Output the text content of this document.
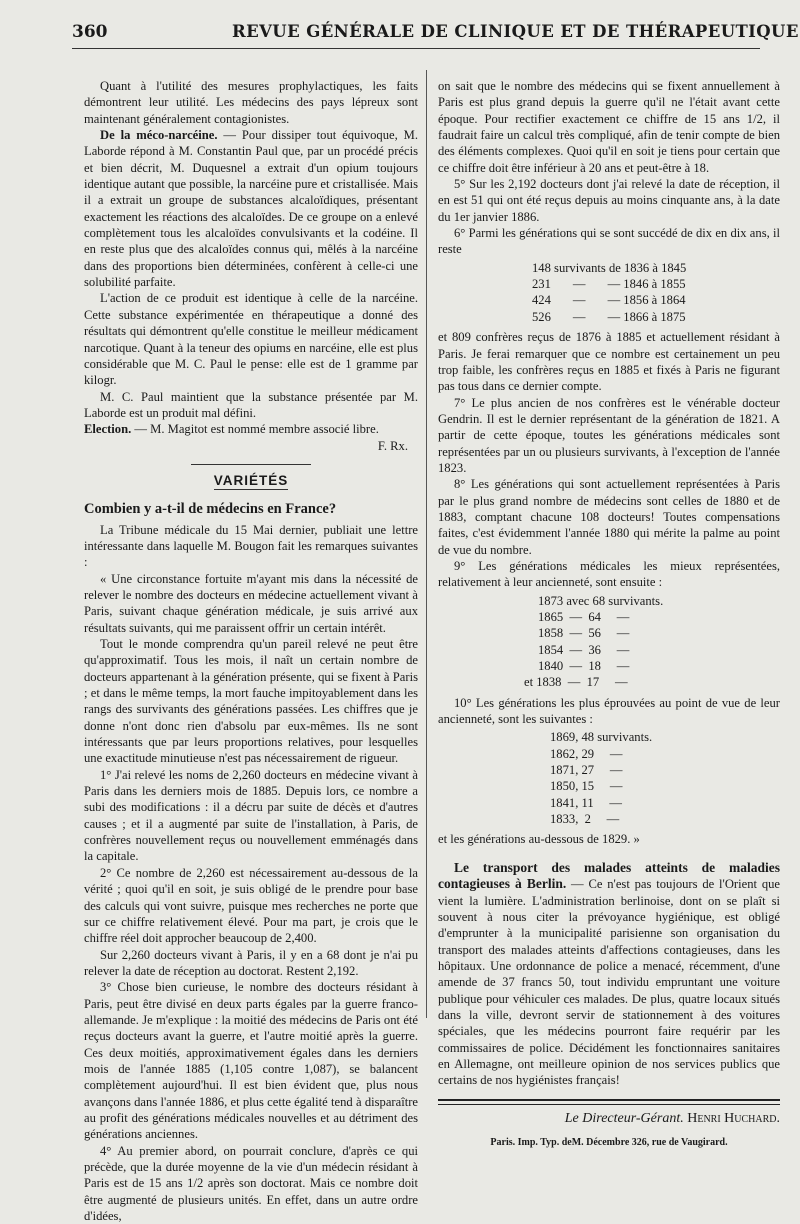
360	REVUE GÉNÉRALE DE CLINIQUE ET DE THÉRAPEUTIQUE

Quant à l'utilité des mesures prophylactiques, les faits démontrent leur utilité. Les médecins des pays lépreux sont maintenant généralement contagionistes.

De la méco-narcéine. — Pour dissiper tout équivoque, M. Laborde répond à M. Constantin Paul que, par un procédé précis et bien décrit, M. Duquesnel a extrait d'un opium toujours identique autant que possible, la narcéine pure et cristallisée. Mais il a extrait un groupe de substances alcaloïdiques, présentant exactement les réactions des alcaloïdes. De ce groupe on a enlevé complètement tous les alcaloïdes convulsivants et la codéine. Il en reste plus que des alcaloïdes connus qui, mêlés à la narcéine dans des proportions bien déterminées, confèrent à celle-ci une solubilité parfaite.

L'action de ce produit est identique à celle de la narcéine. Cette substance expérimentée en thérapeutique a donné des résultats qui démontrent qu'elle constitue le meilleur médicament narcotique. Quant à la teneur des opiums en narcéine, elle est plus considérable que M. C. Paul le pense: elle est de 1 gramme par kilogr.

M. C. Paul maintient que la substance présentée par M. Laborde est un produit mal défini.

Election. — M. Magitot est nommé membre associé libre.

F. Rx.

VARIÉTÉS
Combien y a-t-il de médecins en France?

La Tribune médicale du 15 Mai dernier, publiait une lettre intéressante dans laquelle M. Bougon fait les remarques suivantes :

« Une circonstance fortuite m'ayant mis dans la nécessité de relever le nombre des docteurs en médecine actuellement vivant à Paris, suivant chaque génération médicale, je suis arrivé aux résultats suivants, qui me paraissent offrir un certain intérêt.

Tout le monde comprendra qu'un pareil relevé ne peut être qu'approximatif. Tous les mois, il naît un certain nombre de docteurs appartenant à la génération présente, qui se fixent à Paris ; et dans le même temps, la mort fauche impitoyablement dans les rangs des survivants des générations passées. Les chiffres que je donne n'ont donc rien d'absolu par eux-mêmes. Ils ne sont intéressants que par leurs proportions relatives, pour lesquelles une exactitude minutieuse n'est pas nécessairement de rigueur.

1° J'ai relevé les noms de 2,260 docteurs en médecine vivant à Paris dans les derniers mois de 1885. Depuis lors, ce nombre a subi des modifications : il a décru par suite de décès et d'autres causes ; et il a augmenté par suite de l'installation, à Paris, de confrères nouvellement reçus ou nouvellement emménagés dans la capitale.

2° Ce nombre de 2,260 est nécessairement au-dessous de la vérité ; quoi qu'il en soit, je suis obligé de le prendre pour base des calculs qui vont suivre, puisque mes recherches ne porte que sur ce chiffre relativement élevé. Pour ma part, je crois que le chiffre réel doit approcher beaucoup de 2,400.

Sur 2,260 docteurs vivant à Paris, il y en a 68 dont je n'ai pu relever la date de réception au doctorat. Restent 2,192.

3° Chose bien curieuse, le nombre des docteurs résidant à Paris, peut être divisé en deux parts égales par la guerre franco-allemande. Je m'explique : la moitié des médecins de Paris ont été reçus docteurs avant la guerre, et l'autre moitié après la guerre. Ces deux moitiés, approximativement égales dans les derniers mois de l'année 1885 (1,105 contre 1,087), se balancent complètement aujourd'hui. Il est bien évident que, plus nous avançons dans l'année 1886, et plus cette égalité tend à disparaître au profit des générations médicales nouvelles et au détriment des générations anciennes.

4° Au premier abord, on pourrait conclure, d'après ce qui précède, que la durée moyenne de la vie d'un médecin résidant à Paris est de 15 ans 1/2 après son doctorat. Mais ce nombre doit être augmenté de plusieurs unités. En effet, dans un autre ordre d'idées,

on sait que le nombre des médecins qui se fixent annuellement à Paris est plus grand depuis la guerre qu'il ne l'était avant cette époque. Pour rectifier exactement ce chiffre de 15 ans 1/2, il faudrait faire un calcul très compliqué, afin de tenir compte de bien des éléments complexes. Quoi qu'il en soit je tiens pour certain que ce chiffre doit être inférieur à 20 ans et peut-être à 18.

5° Sur les 2,192 docteurs dont j'ai relevé la date de réception, il en est 51 qui ont été reçus depuis au moins cinquante ans, à la date du 1er janvier 1886.

6° Parmi les générations qui se sont succédé de dix en dix ans, il reste

148 survivants de 1836 à 1845
231       —       — 1846 à 1855
424       —       — 1856 à 1864
526       —       — 1866 à 1875

et 809 confrères reçus de 1876 à 1885 et actuellement résidant à Paris. Je ferai remarquer que ce nombre est certainement un peu trop faible, les confrères reçus en 1885 et fixés à Paris ne figurant pas tous dans ce dernier compte.

7° Le plus ancien de nos confrères est le vénérable docteur Gendrin. Il est le dernier représentant de la génération de 1821. A partir de cette époque, toutes les générations médicales sont représentées par un ou plusieurs survivants, à l'exception de l'année 1823.

8° Les générations qui sont actuellement représentées à Paris par le plus grand nombre de médecins sont celles de 1880 et de 1883, comptant chacune 108 docteurs! Toutes compensations faites, c'est évidemment l'année 1880 qui mérite la palme au point de vue du nombre.

9° Les générations médicales les mieux représentées, relativement à leur ancienneté, sont ensuite :

1873 avec 68 survivants.
1865  —  64     —
1858  —  56     —
1854  —  36     —
1840  —  18     —
et 1838  —  17     —

10° Les générations les plus éprouvées au point de vue de leur ancienneté, sont les suivantes :

1869, 48 survivants.
1862, 29     —
1871, 27     —
1850, 15     —
1841, 11     —
1833,  2     —

et les générations au-dessous de 1829. »

Le transport des malades atteints de maladies contagieuses à Berlin. — Ce n'est pas toujours de l'Orient que vient la lumière. L'administration berlinoise, dont on se plaît si souvent à nous citer la prévoyance hygiénique, est obligé d'emprunter à la municipalité parisienne son organisation du transport des malades atteints d'affections contagieuses, dans les hôpitaux. Une ordonnance de police a menacé, récemment, d'une amende de 37 francs 50, tout individu empruntant une voiture publique pour véhiculer ces malades. De plus, quatre locaux situés dans la ville, devront servir de stationnement à des voitures spéciales, que les médecins pourront faire requérir par les commissaires de police. Décidément les fonctionnaires sanitaires en Allemagne, ont meilleure opinion de nos services publics que certains de nos hygiénistes français!

Le Directeur-Gérant. Henri Huchard.
Paris. Imp. Typ. deM. Décembre 326, rue de Vaugirard.
